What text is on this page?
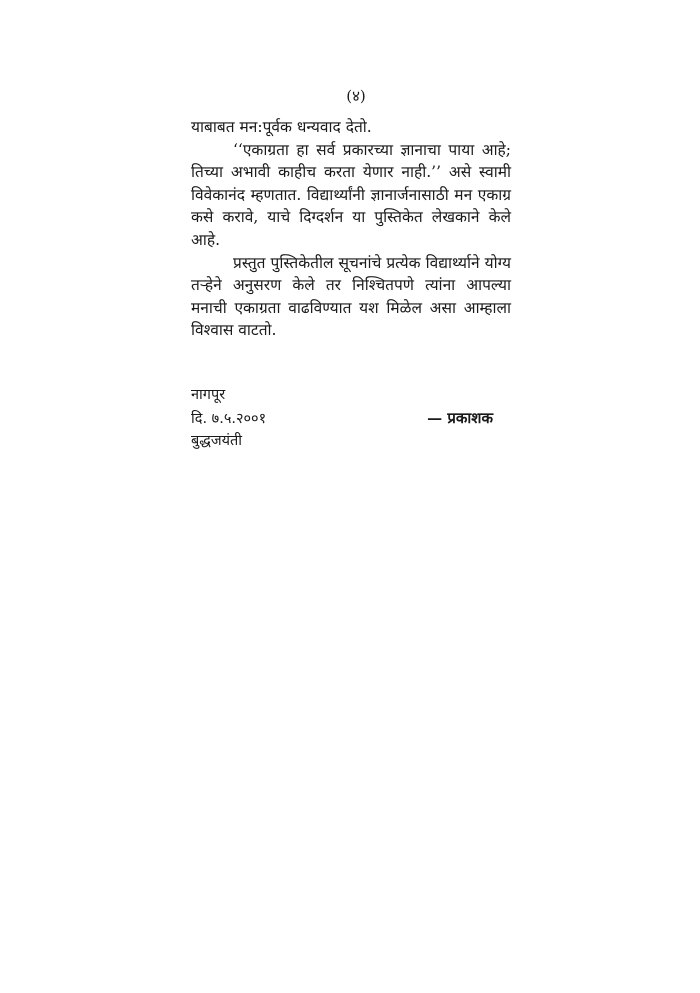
(४)

याबाबत मन:पूर्वक धन्यवाद देतो.

‘‘एकाग्रता हा सर्व प्रकारच्या ज्ञानाचा पाया आहे; तिच्या अभावी काहीच करता येणार नाही.’’ असे स्वामी विवेकानंद म्हणतात. विद्यार्थ्यांनी ज्ञानार्जनासाठी मन एकाग्र कसे करावे, याचे दिग्दर्शन या पुस्तिकेत लेखकाने केले आहे.

प्रस्तुत पुस्तिकेतील सूचनांचे प्रत्येक विद्यार्थ्याने योग्य तऱ्हेने अनुसरण केले तर निश्चितपणे त्यांना आपल्या मनाची एकाग्रता वाढविण्यात यश मिळेल असा आम्हाला विश्वास वाटतो.

नागपूर
दि. ७.५.२००१	— प्रकाशक
बुद्धजयंती
